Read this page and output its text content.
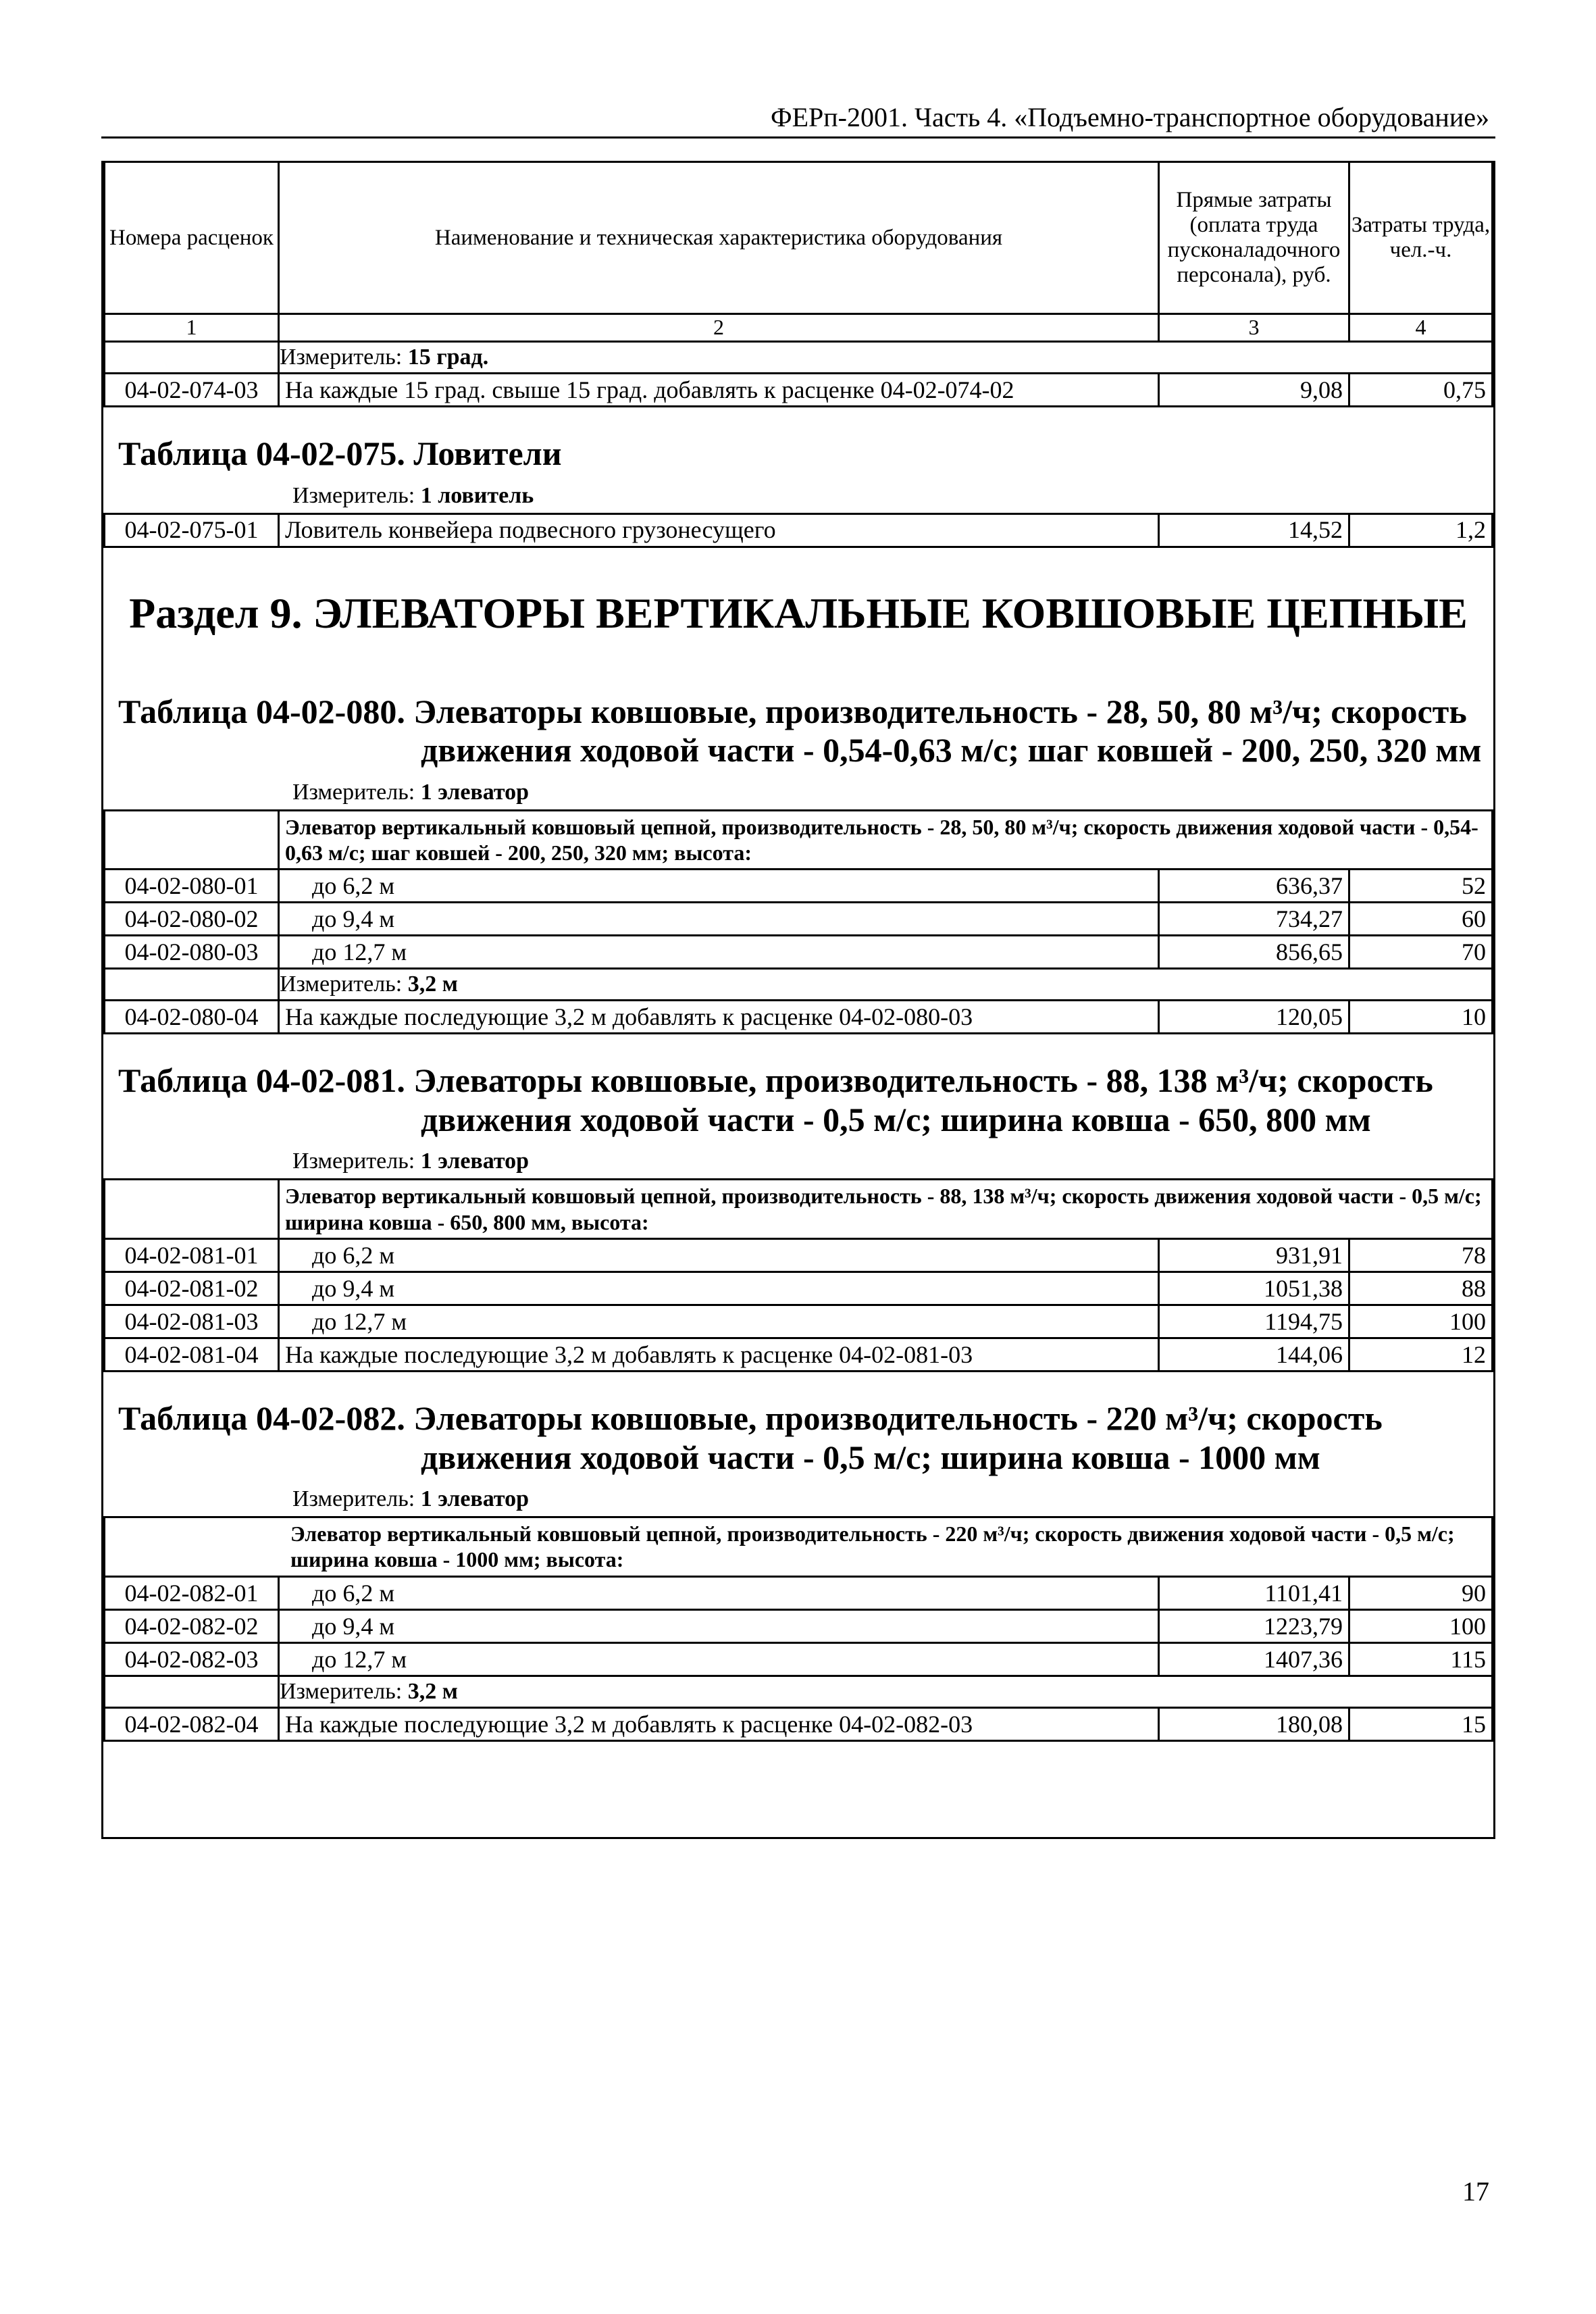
ФЕРп-2001. Часть 4. «Подъемно-транспортное оборудование»
Номера расценок	Наименование и техническая характеристика оборудования	Прямые затраты (оплата труда пусконаладочного персонала), руб.	Затраты труда, чел.-ч.
1	2	3	4
	Измеритель: 15 град.		
04-02-074-03	На каждые 15 град. свыше 15 град. добавлять к расценке 04-02-074-02	9,08	0,75
Таблица 04-02-075. Ловители
Измеритель: 1 ловитель
04-02-075-01	Ловитель конвейера подвесного грузонесущего	14,52	1,2
Раздел 9. ЭЛЕВАТОРЫ ВЕРТИКАЛЬНЫЕ КОВШОВЫЕ ЦЕПНЫЕ
Таблица 04-02-080. Элеваторы ковшовые, производительность - 28, 50, 80 м³/ч; скорость
движения ходовой части - 0,54-0,63 м/с; шаг ковшей - 200, 250, 320 мм
Измеритель: 1 элеватор
	Элеватор вертикальный ковшовый цепной, производительность - 28, 50, 80 м³/ч; скорость движения ходовой части - 0,54-0,63 м/с; шаг ковшей - 200, 250, 320 мм; высота:		
04-02-080-01	до 6,2 м	636,37	52
04-02-080-02	до 9,4 м	734,27	60
04-02-080-03	до 12,7 м	856,65	70
	Измеритель: 3,2 м		
04-02-080-04	На каждые последующие 3,2 м добавлять к расценке 04-02-080-03	120,05	10
Таблица 04-02-081. Элеваторы ковшовые, производительность - 88, 138 м³/ч; скорость
движения ходовой части - 0,5 м/с; ширина ковша - 650, 800 мм
Измеритель: 1 элеватор
	Элеватор вертикальный ковшовый цепной, производительность - 88, 138 м³/ч; скорость движения ходовой части - 0,5 м/с; ширина ковша - 650, 800 мм, высота:		
04-02-081-01	до 6,2 м	931,91	78
04-02-081-02	до 9,4 м	1051,38	88
04-02-081-03	до 12,7 м	1194,75	100
04-02-081-04	На каждые последующие 3,2 м добавлять к расценке 04-02-081-03	144,06	12
Таблица 04-02-082. Элеваторы ковшовые, производительность - 220 м³/ч; скорость
движения ходовой части - 0,5 м/с; ширина ковша - 1000 мм
Измеритель: 1 элеватор
Элеватор вертикальный ковшовый цепной, производительность - 220 м³/ч; скорость движения ходовой части - 0,5 м/с; ширина ковша - 1000 мм; высота:			
04-02-082-01	до 6,2 м	1101,41	90
04-02-082-02	до 9,4 м	1223,79	100
04-02-082-03	до 12,7 м	1407,36	115
	Измеритель: 3,2 м		
04-02-082-04	На каждые последующие 3,2 м добавлять к расценке 04-02-082-03	180,08	15
17
